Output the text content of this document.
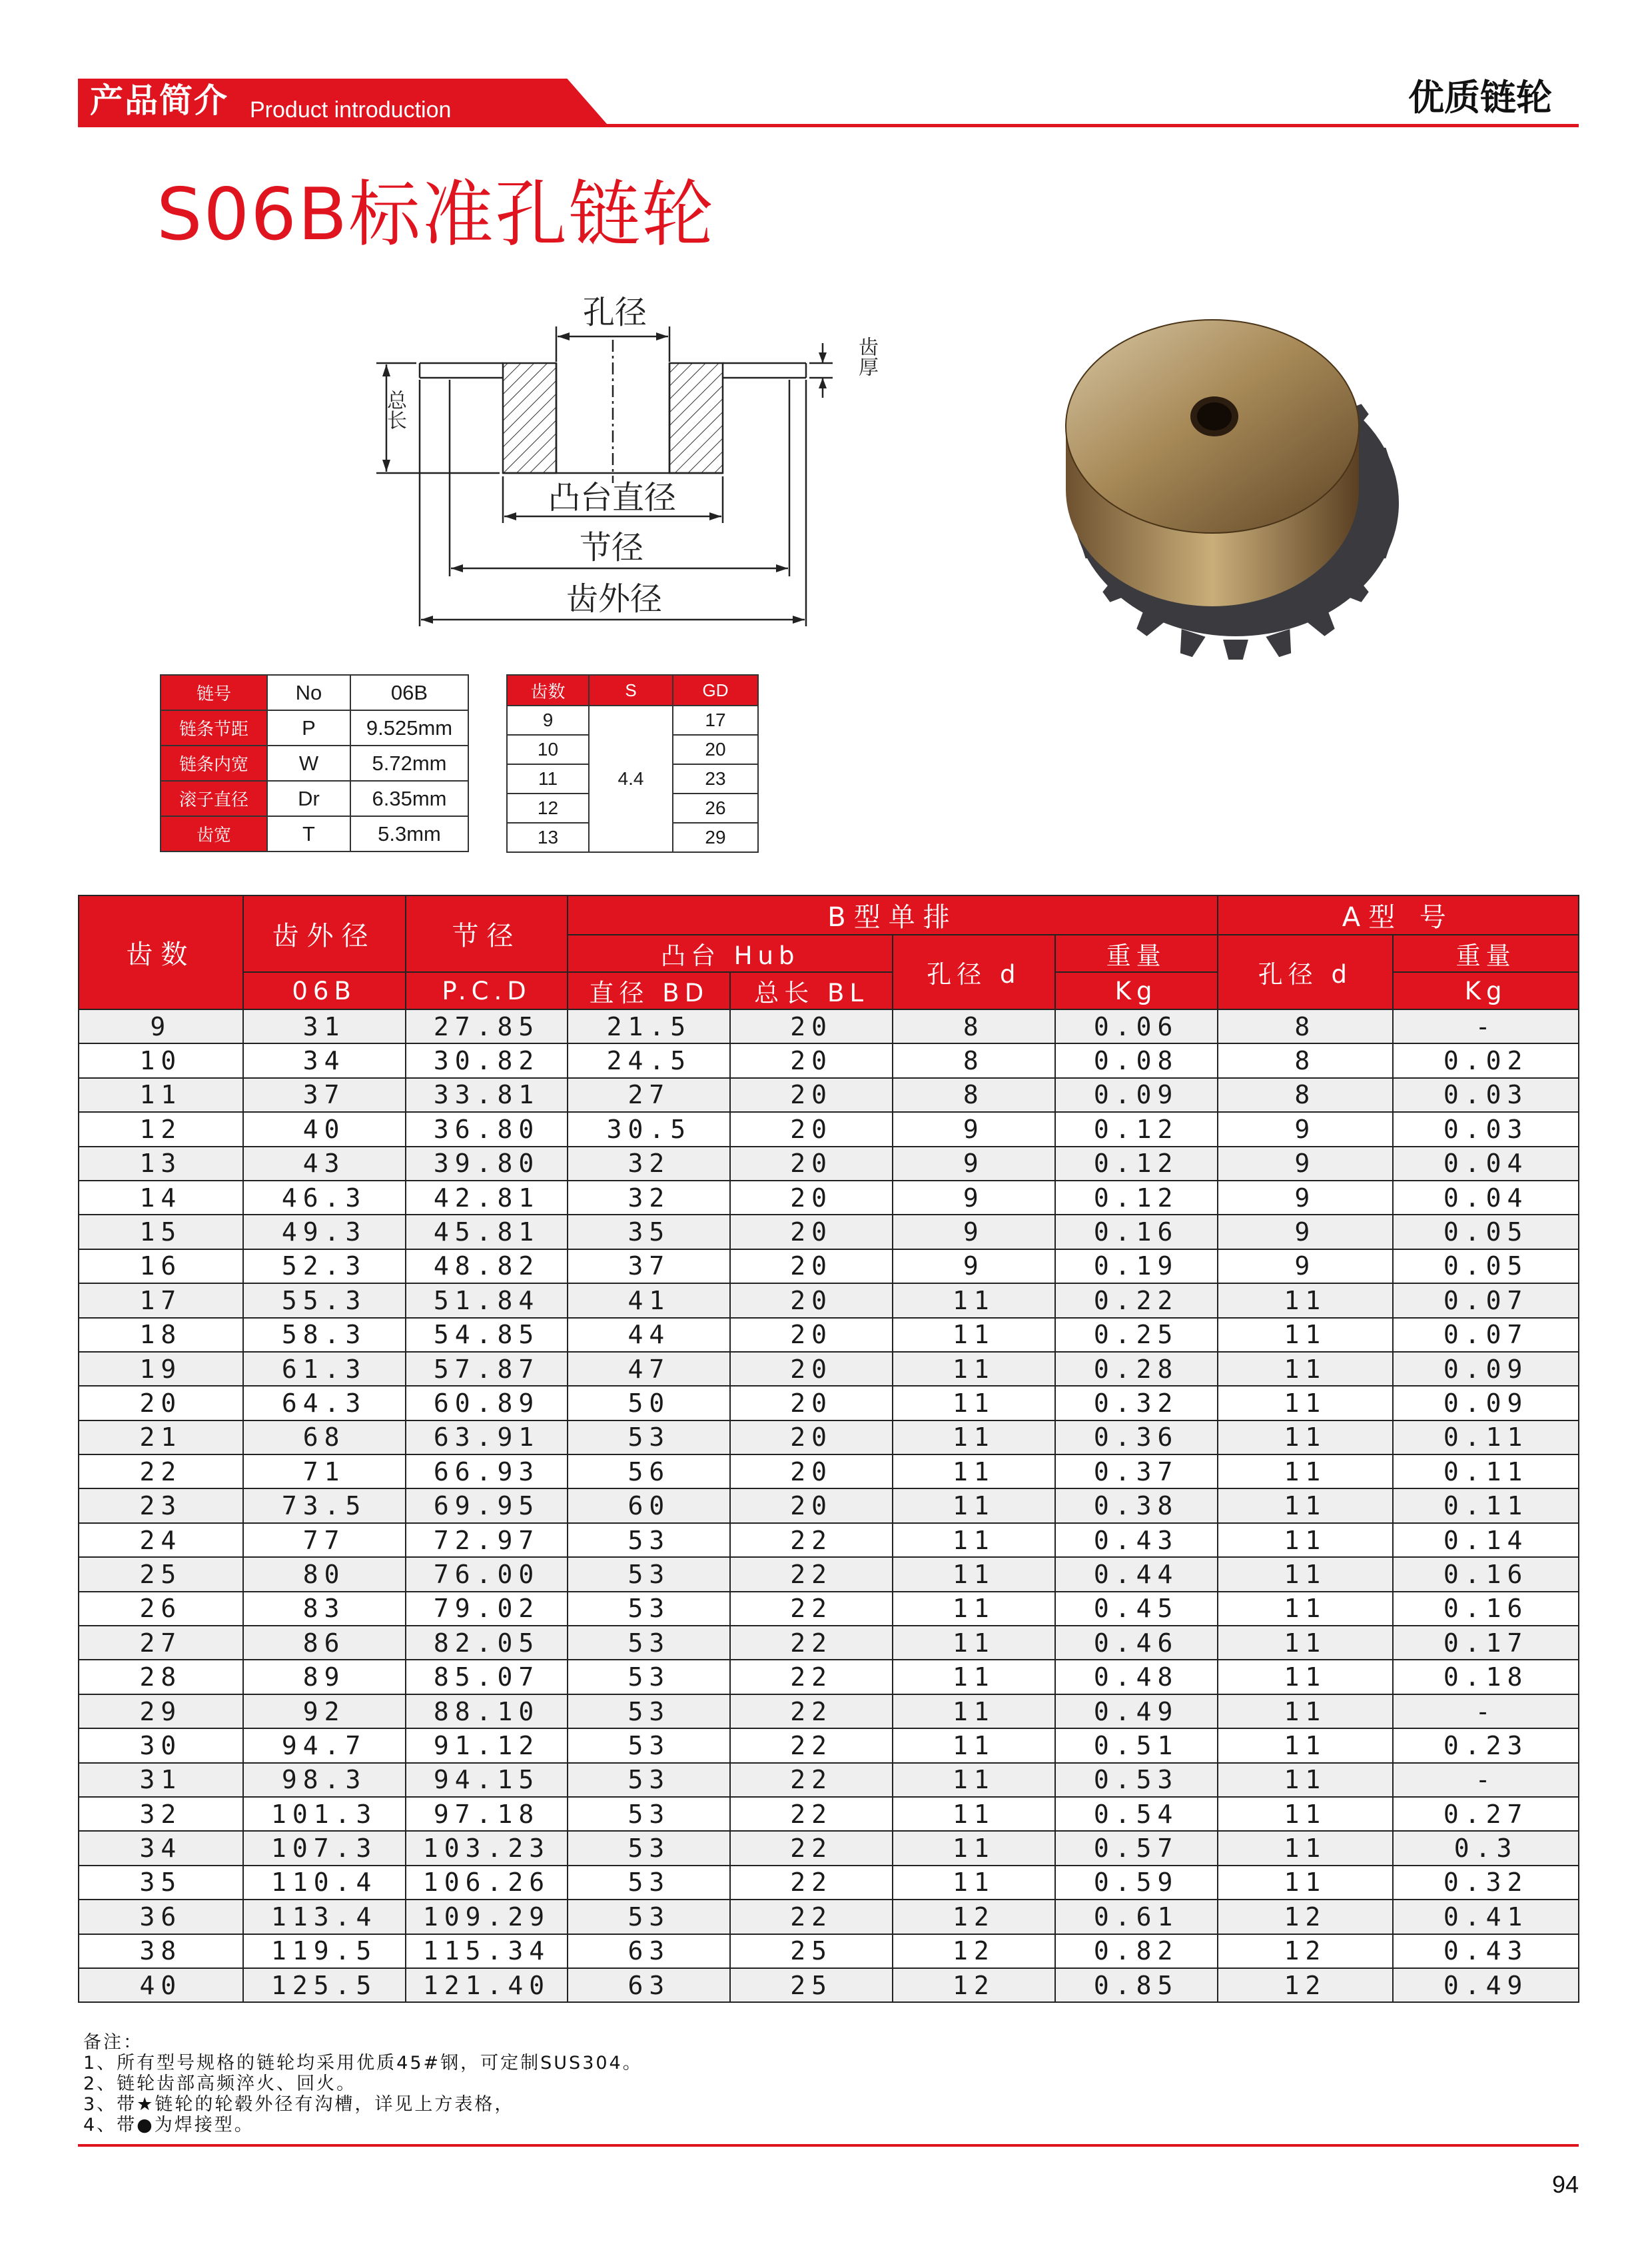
产品简介 Product introduction	优质链轮
S06B标准孔链轮
孔径
齿厚
总长
凸台直径
节径
齿外径
链号	No	06B
链条节距	P	9.525mm
链条内宽	W	5.72mm
滚子直径	Dr	6.35mm
齿宽	T	5.3mm
齿数	S	GD
9	4.4	17
10		20
11		23
12		26
13		29
齿数	齿外径	节径	B型单排				A型 号	
			凸台 Hub		孔径 d	重量	孔径 d	重量
	06B	P.C.D	直径 BD	总长 BL		Kg		Kg
9	31	27.85	21.5	20	8	0.06	8	-
10	34	30.82	24.5	20	8	0.08	8	0.02
11	37	33.81	27	20	8	0.09	8	0.03
12	40	36.80	30.5	20	9	0.12	9	0.03
13	43	39.80	32	20	9	0.12	9	0.04
14	46.3	42.81	32	20	9	0.12	9	0.04
15	49.3	45.81	35	20	9	0.16	9	0.05
16	52.3	48.82	37	20	9	0.19	9	0.05
17	55.3	51.84	41	20	11	0.22	11	0.07
18	58.3	54.85	44	20	11	0.25	11	0.07
19	61.3	57.87	47	20	11	0.28	11	0.09
20	64.3	60.89	50	20	11	0.32	11	0.09
21	68	63.91	53	20	11	0.36	11	0.11
22	71	66.93	56	20	11	0.37	11	0.11
23	73.5	69.95	60	20	11	0.38	11	0.11
24	77	72.97	53	22	11	0.43	11	0.14
25	80	76.00	53	22	11	0.44	11	0.16
26	83	79.02	53	22	11	0.45	11	0.16
27	86	82.05	53	22	11	0.46	11	0.17
28	89	85.07	53	22	11	0.48	11	0.18
29	92	88.10	53	22	11	0.49	11	-
30	94.7	91.12	53	22	11	0.51	11	0.23
31	98.3	94.15	53	22	11	0.53	11	-
32	101.3	97.18	53	22	11	0.54	11	0.27
34	107.3	103.23	53	22	11	0.57	11	0.3
35	110.4	106.26	53	22	11	0.59	11	0.32
36	113.4	109.29	53	22	12	0.61	12	0.41
38	119.5	115.34	63	25	12	0.82	12	0.43
40	125.5	121.40	63	25	12	0.85	12	0.49
备注：
1、所有型号规格的链轮均采用优质45#钢，可定制SUS304。
2、链轮齿部高频淬火、回火。
3、带★链轮的轮毂外径有沟槽，详见上方表格，
4、带●为焊接型。
94
